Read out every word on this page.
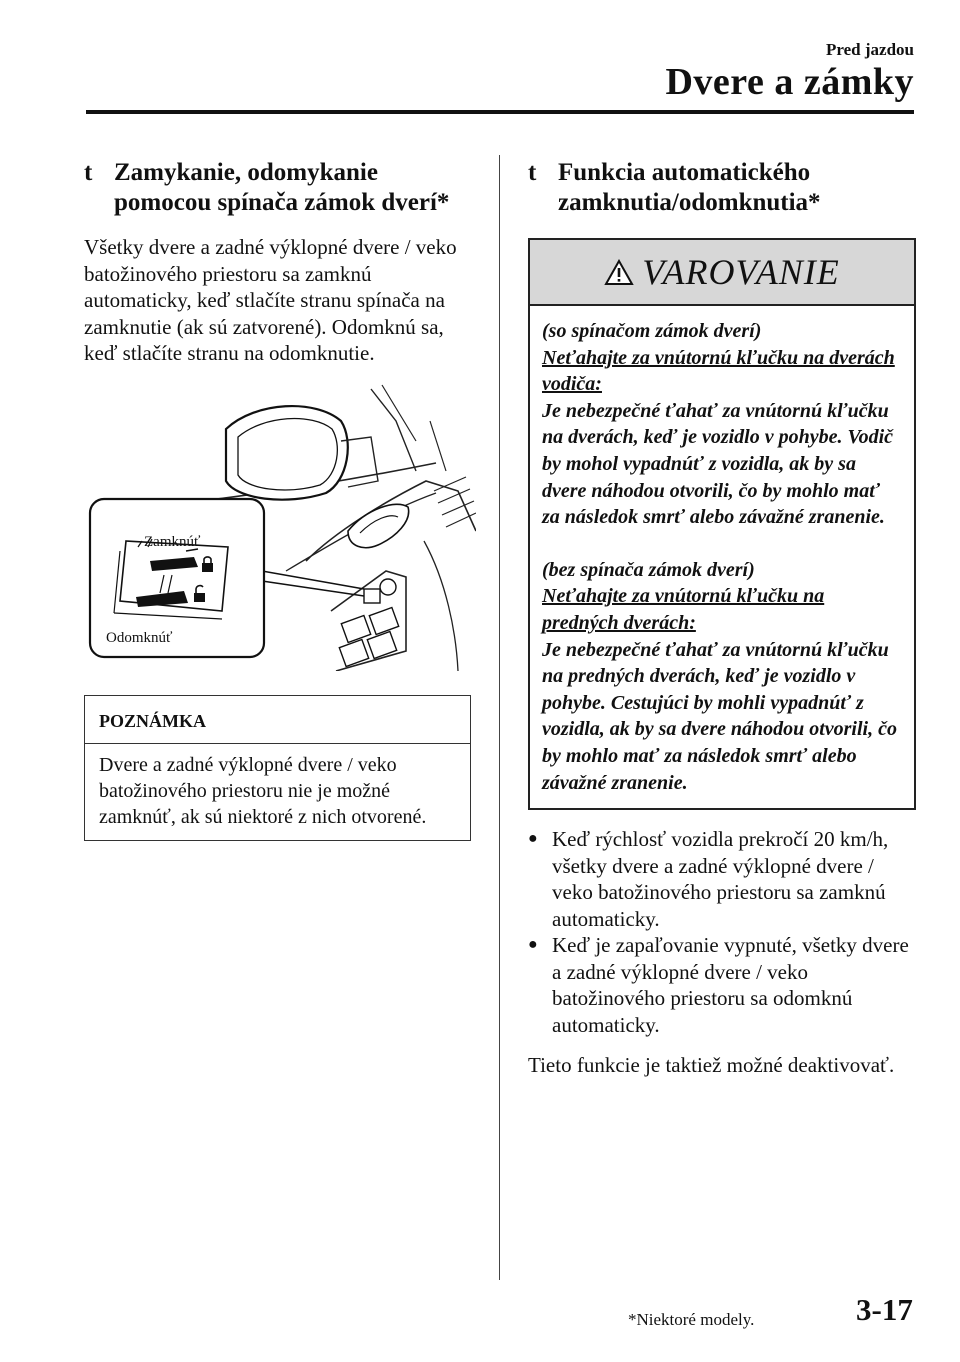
Pred jazdou
Dvere a zámky
t Zamykanie, odomykanie pomocou spínača zámok dverí*
Všetky dvere a zadné výklopné dvere / veko batožinového priestoru sa zamknú automaticky, keď stlačíte stranu spínača na zamknutie (ak sú zatvorené). Odomknú sa, keď stlačíte stranu na odomknutie.
Zamknúť
Odomknúť
POZNÁMKA
Dvere a zadné výklopné dvere / veko batožinového priestoru nie je možné zamknúť, ak sú niektoré z nich otvorené.
t Funkcia automatického zamknutia/odomknutia*
VAROVANIE
(so spínačom zámok dverí)
Neťahajte za vnútornú kľučku na dverách vodiča:
Je nebezpečné ťahať za vnútornú kľučku na dverách, keď je vozidlo v pohybe. Vodič by mohol vypadnúť z vozidla, ak by sa dvere náhodou otvorili, čo by mohlo mať za následok smrť alebo závažné zranenie.
(bez spínača zámok dverí)
Neťahajte za vnútornú kľučku na predných dverách:
Je nebezpečné ťahať za vnútornú kľučku na predných dverách, keď je vozidlo v pohybe. Cestujúci by mohli vypadnúť z vozidla, ak by sa dvere náhodou otvorili, čo by mohlo mať za následok smrť alebo závažné zranenie.
● Keď rýchlosť vozidla prekročí 20 km/h, všetky dvere a zadné výklopné dvere / veko batožinového priestoru sa zamknú automaticky.
● Keď je zapaľovanie vypnuté, všetky dvere a zadné výklopné dvere / veko batožinového priestoru sa odomknú automaticky.
Tieto funkcie je taktiež možné deaktivovať.
*Niektoré modely.	3-17
